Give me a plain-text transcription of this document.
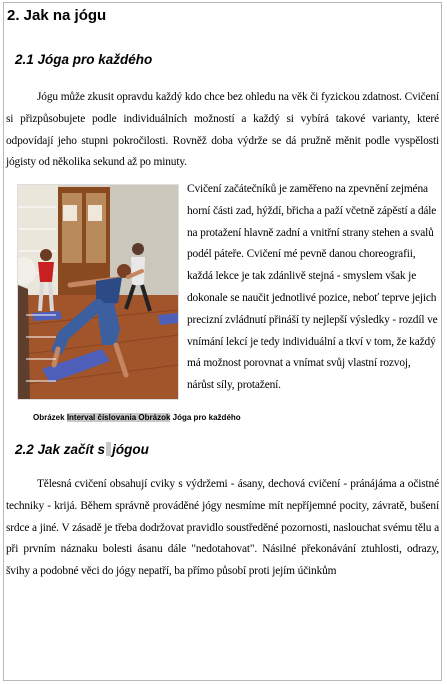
2. Jak na jógu
2.1 Jóga pro každého
Jógu může zkusit opravdu každý kdo chce bez ohledu na věk či fyzickou zdatnost. Cvičení si přizpůsobujete podle individuálních možností a každý si vybírá takové varianty, které odpovídají jeho stupni pokročilosti. Rovněž doba výdrže se dá pružně měnit podle vyspělosti jógisty od několika sekund až po minuty.
Cvičení začátečníků je zaměřeno na zpevnění zejména horní části zad, hýždí, břicha a paží včetně zápěstí a dále na protažení hlavně zadní a vnitřní strany stehen a svalů podél páteře. Cvičení mé pevně danou choreografii, každá lekce je tak zdánlivě stejná - smyslem však je dokonale se naučit jednotlivé pozice, neboť teprve jejich precizní zvládnutí přináší ty nejlepší výsledky - rozdíl ve vnímání lekcí je tedy individuální a tkví v tom, že každý má možnost porovnat a vnímat svůj vlastní rozvoj, nárůst síly, protažení.
Obrázek Interval číslovania Obrázok Jóga pro každého
2.2 Jak začít s jógou
Tělesná cvičení obsahují cviky s výdržemi - ásany, dechová cvičení - pránájáma a očistné techniky - krijá. Během správně prováděné jógy nesmíme mít nepříjemné pocity, závratě, bušení srdce a jiné. V zásadě je třeba dodržovat pravidlo soustředěné pozornosti, naslouchat svému tělu a při prvním náznaku bolesti ásanu dále "nedotahovat". Násilné překonávání ztuhlosti, odrazy, švihy a podobné věci do jógy nepatří, ba přímo působí proti jejím účinkům
